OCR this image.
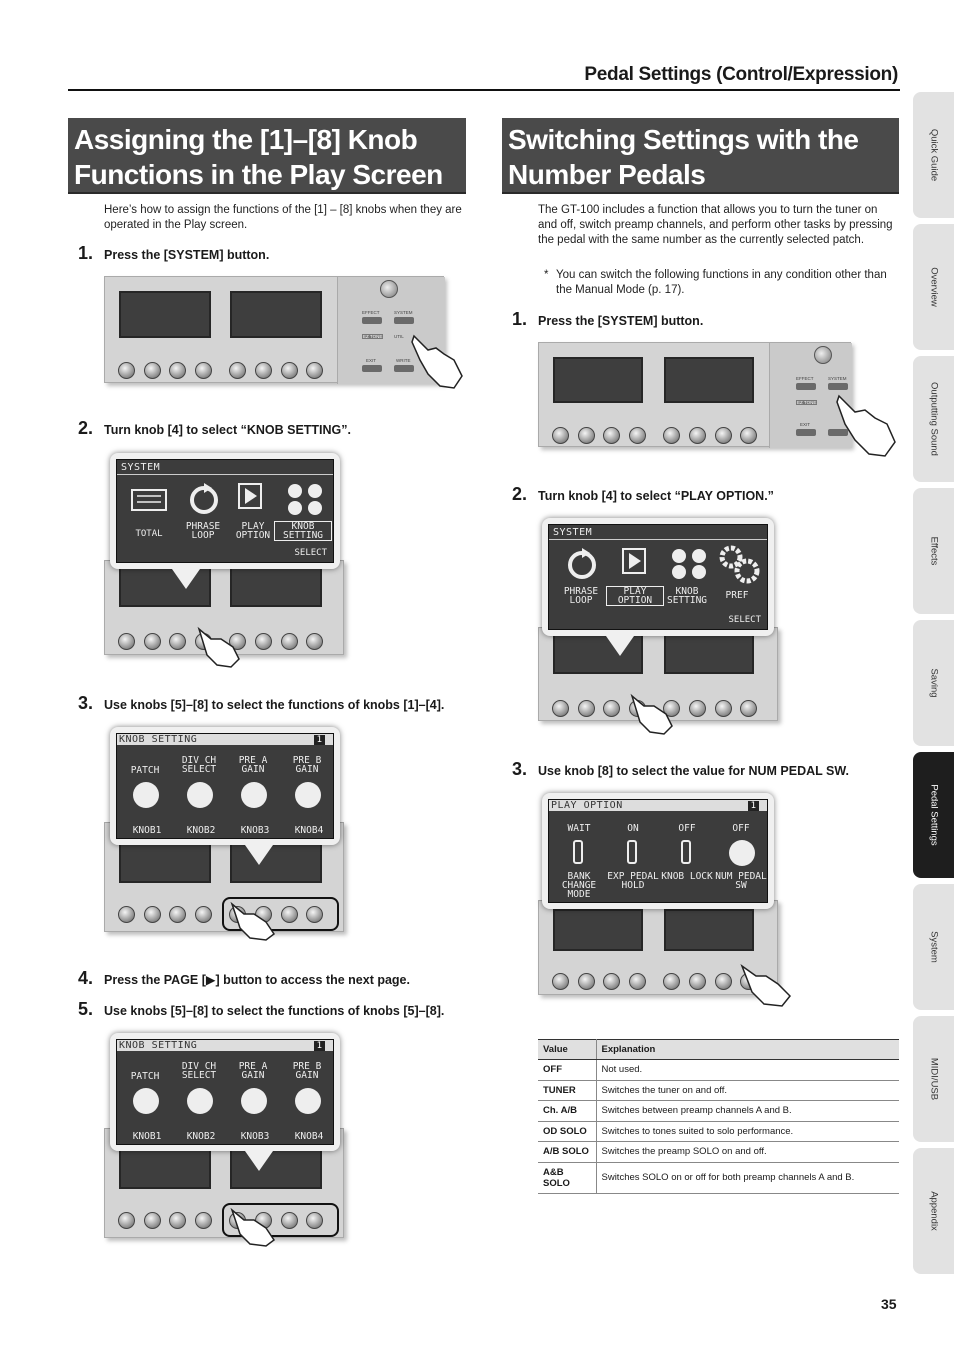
Pedal Settings (Control/Expression)
Assigning the [1]–[8] Knob Functions in the Play Screen
Here’s how to assign the functions of the [1] – [8] knobs when they are operated in the Play screen.
Switching Settings with the Number Pedals
The GT-100 includes a function that allows you to turn the tuner on and off, switch preamp channels, and perform other tasks by pressing the pedal with the same number as the currently selected patch.
* You can switch the following functions in any condition other than the Manual Mode (p. 17).
1. Press the [SYSTEM] button.
2. Turn knob [4] to select “KNOB SETTING”.
3. Use knobs [5]–[8] to select the functions of knobs [1]–[4].
4. Press the PAGE [▶] button to access the next page.
5. Use knobs [5]–[8] to select the functions of knobs [5]–[8].
1. Press the [SYSTEM] button.
2. Turn knob [4] to select “PLAY OPTION.”
3. Use knob [8] to select the value for NUM PEDAL SW.
EFFECT	SYSTEM
EZ TONE	UTIL
EXIT	WRITE
SYSTEM
TOTAL
PHRASE LOOP
PLAY OPTION
KNOB SETTING
SELECT
KNOB SETTING	1
PATCH
DIV CH SELECT
PRE A GAIN
PRE B GAIN
KNOB1	KNOB2	KNOB3	KNOB4
KNOB SETTING	1
PATCH
DIV CH SELECT
PRE A GAIN
PRE B GAIN
KNOB1	KNOB2	KNOB3	KNOB4
EFFECT	SYSTEM
EZ TONE
EXIT
SYSTEM
PHRASE LOOP
PLAY OPTION
KNOB SETTING	PREF
SELECT
PLAY OPTION	1
WAIT	ON	OFF	OFF
BANK CHANGE MODE
EXP PEDAL HOLD
KNOB LOCK NUM PEDAL SW
Value	Explanation
OFF	Not used.
TUNER	Switches the tuner on and off.
Ch. A/B	Switches between preamp channels A and B.
OD SOLO	Switches to tones suited to solo performance.
A/B SOLO	Switches the preamp SOLO on and off.
A&B SOLO	Switches SOLO on or off for both preamp channels A and B.
Quick Guide
Overview
Outputting Sound
Effects
Saving
Pedal Settings
System
MIDI/USB
Appendix
35
